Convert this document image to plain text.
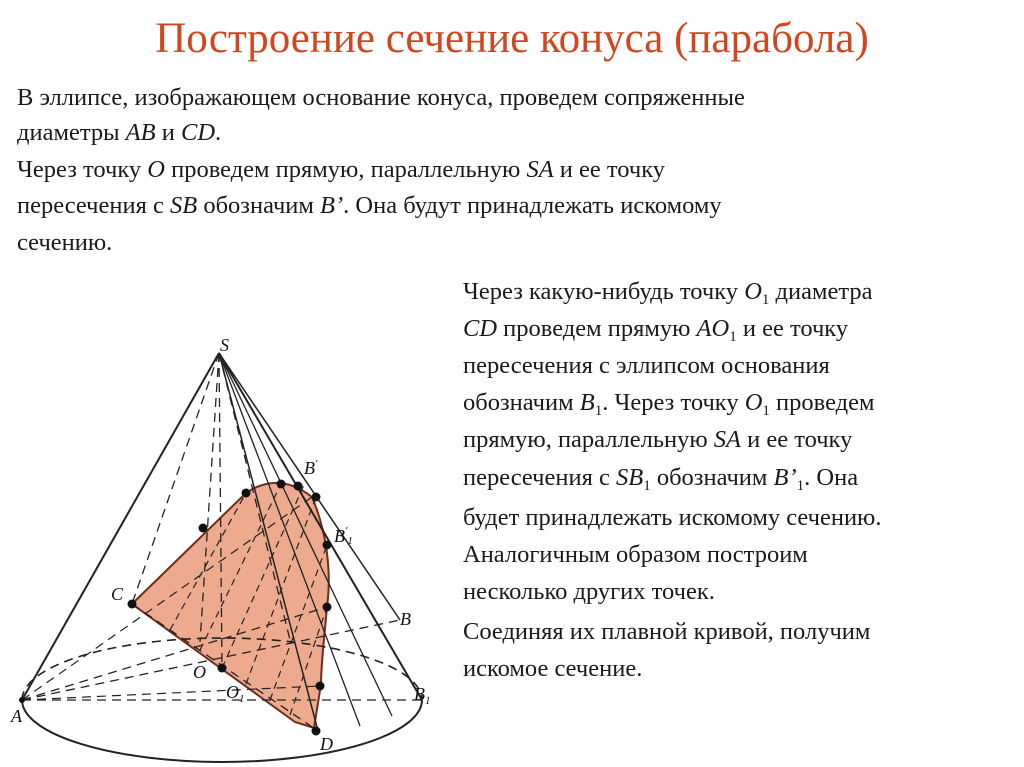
Построение сечение конуса (парабола)
В эллипсе, изображающем основание конуса, проведем сопряженные
диаметры AB и CD.
Через точку O проведем прямую, параллельную SA и ее точку
пересечения с SB обозначим B’. Она будут принадлежать искомому
сечению.
Через какую-нибудь точку $O_1$ диаметра
CD проведем прямую $AO_1$ и ее точку
пересечения с эллипсом основания
обозначим $B_1$. Через точку $O_1$ проведем
прямую, параллельную SA и ее точку
пересечения с $SB_1$ обозначим $B’_1$. Она
будет принадлежать искомому сечению.
Аналогичным образом построим
несколько других точек.
Соединяя их плавной кривой, получим
искомое сечение.
S
A
B
C
D
O
$O_1$	$B_1$
B'
$B'_1$
